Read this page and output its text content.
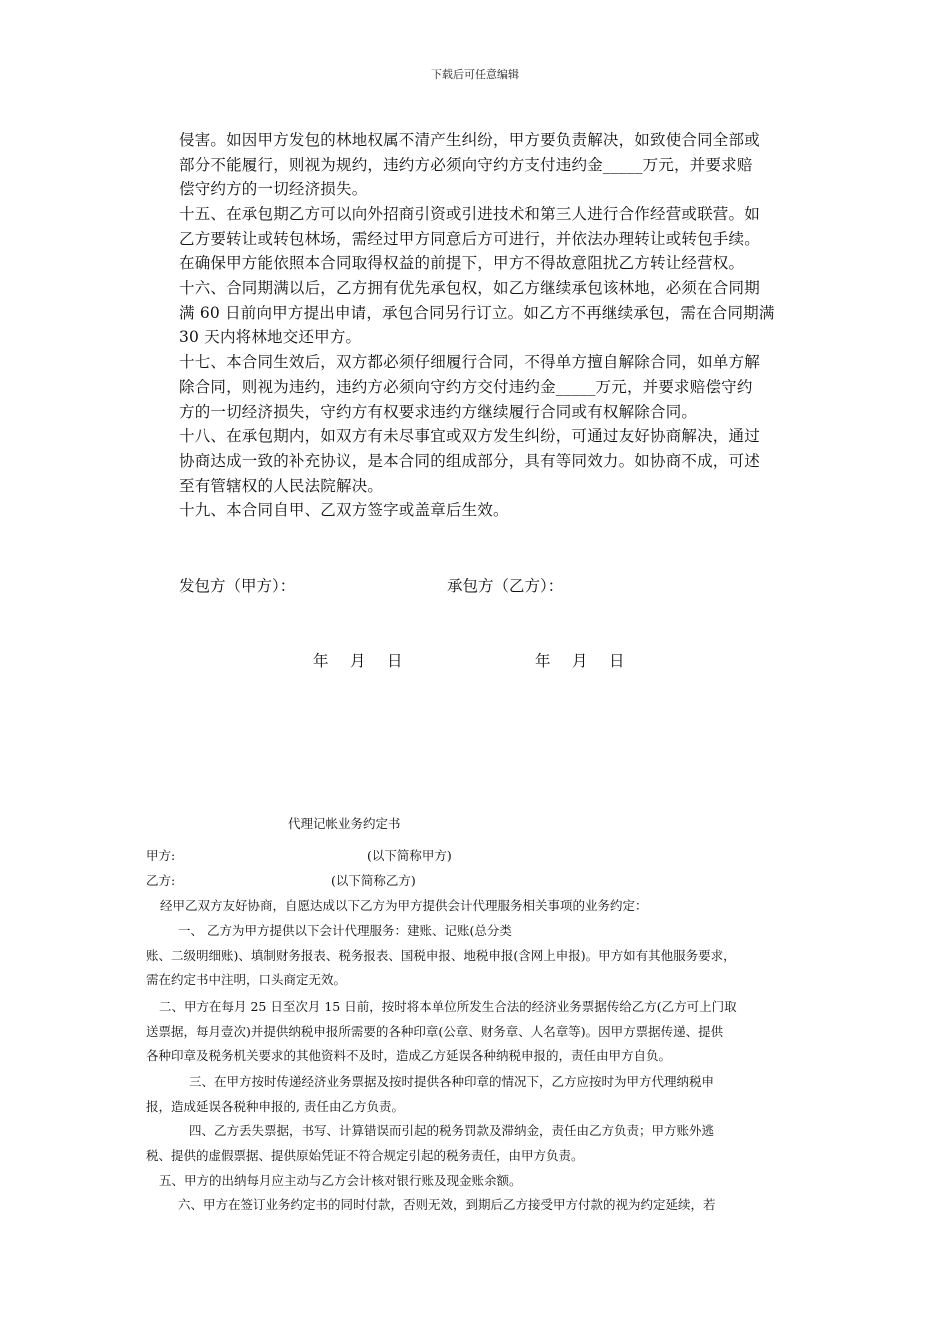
下载后可任意编辑
侵害。如因甲方发包的林地权属不清产生纠纷，甲方要负责解决，如致使合同全部或
部分不能履行，则视为规约，违约方必须向守约方支付违约金_____万元，并要求赔
偿守约方的一切经济损失。
十五、在承包期乙方可以向外招商引资或引进技术和第三人进行合作经营或联营。如
乙方要转让或转包林场，需经过甲方同意后方可进行，并依法办理转让或转包手续。
在确保甲方能依照本合同取得权益的前提下，甲方不得故意阻扰乙方转让经营权。
十六、合同期满以后，乙方拥有优先承包权，如乙方继续承包该林地，必须在合同期
满 60 日前向甲方提出申请，承包合同另行订立。如乙方不再继续承包，需在合同期满
30 天内将林地交还甲方。
十七、本合同生效后，双方都必须仔细履行合同，不得单方擅自解除合同，如单方解
除合同，则视为违约，违约方必须向守约方交付违约金_____万元，并要求赔偿守约
方的一切经济损失，守约方有权要求违约方继续履行合同或有权解除合同。
十八、在承包期内，如双方有未尽事宜或双方发生纠纷，可通过友好协商解决，通过
协商达成一致的补充协议，是本合同的组成部分，具有等同效力。如协商不成，可述
至有管辖权的人民法院解决。
十九、本合同自甲、乙双方签字或盖章后生效。
发包方（甲方）：	承包方（乙方）：
年　月　日	年　月　日
代理记帐业务约定书
甲方:	(以下简称甲方)
乙方:	(以下简称乙方)
经甲乙双方友好协商，自愿达成以下乙方为甲方提供会计代理服务相关事项的业务约定：
一、 乙方为甲方提供以下会计代理服务：建账、记账(总分类
账、二级明细账)、填制财务报表、税务报表、国税申报、地税申报(含网上申报)。甲方如有其他服务要求，
需在约定书中注明，口头商定无效。
二、甲方在每月 25 日至次月 15 日前，按时将本单位所发生合法的经济业务票据传给乙方(乙方可上门取
送票据，每月壹次)并提供纳税申报所需要的各种印章(公章、财务章、人名章等)。因甲方票据传递、提供
各种印章及税务机关要求的其他资料不及时，造成乙方延误各种纳税申报的，责任由甲方自负。
三、在甲方按时传递经济业务票据及按时提供各种印章的情况下，乙方应按时为甲方代理纳税申
报，造成延误各税种申报的, 责任由乙方负责。
四、乙方丢失票据，书写、计算错误而引起的税务罚款及滞纳金，责任由乙方负责；甲方账外逃
税、提供的虚假票据、提供原始凭证不符合规定引起的税务责任，由甲方负责。
五、甲方的出纳每月应主动与乙方会计核对银行账及现金账余额。
六、甲方在签订业务约定书的同时付款，否则无效，到期后乙方接受甲方付款的视为约定延续，若
